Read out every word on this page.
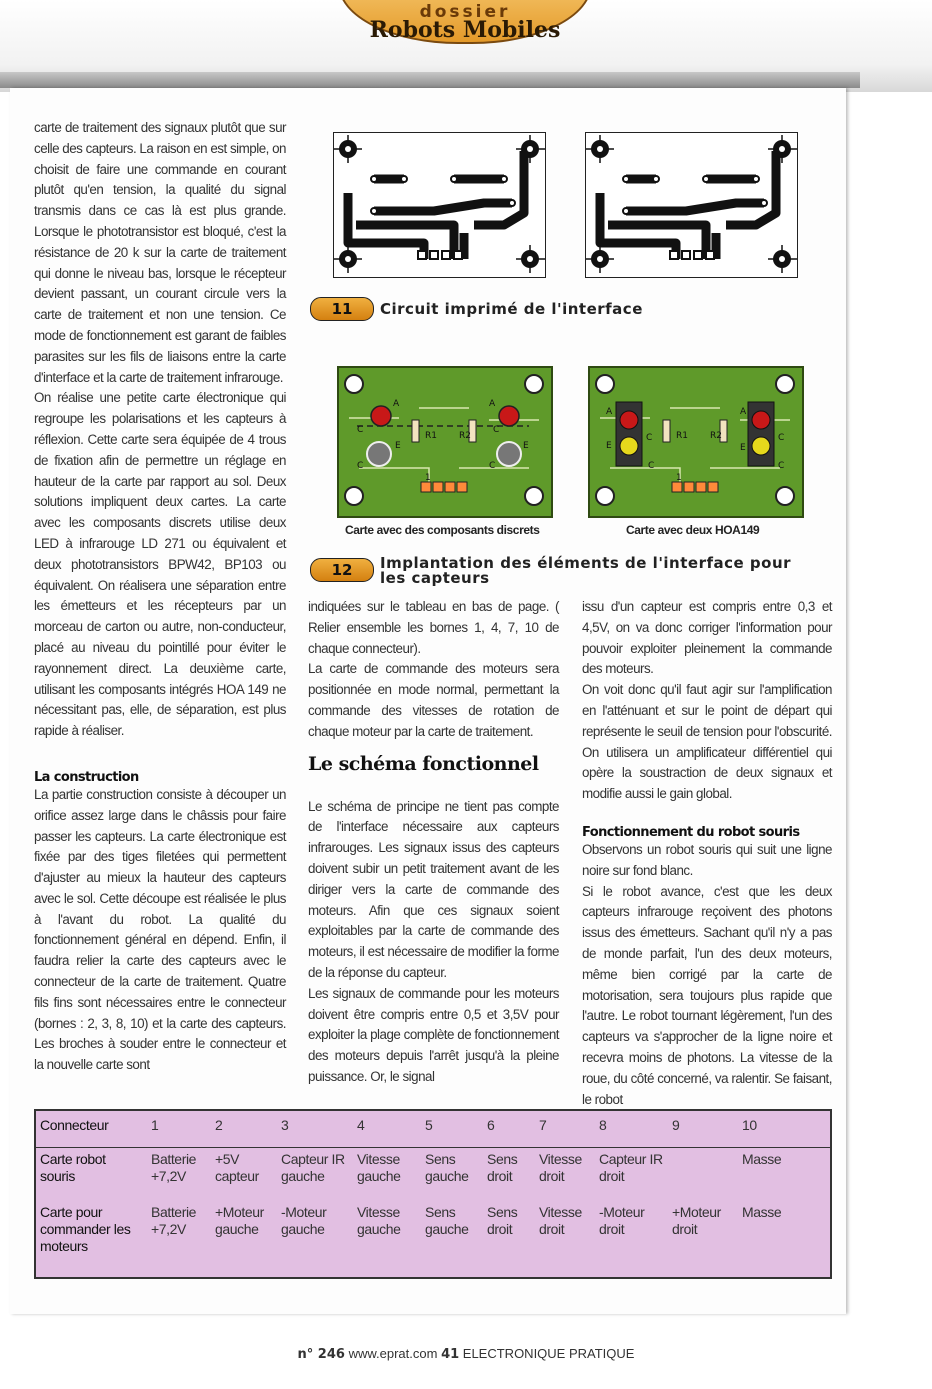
dossier
Robots Mobiles

carte de traitement des signaux plutôt que sur celle des capteurs. La raison en est simple, on choisit de faire une commande en courant plutôt qu'en tension, la qualité du signal transmis dans ce cas là est plus grande. Lorsque le phototransistor est bloqué, c'est la résistance de 20 k sur la carte de traitement qui donne le niveau bas, lorsque le récepteur devient passant, un courant circule vers la carte de traitement et non une tension. Ce mode de fonctionnement est garant de faibles parasites sur les fils de liaisons entre la carte d'interface et la carte de traitement infrarouge.

On réalise une petite carte électronique qui regroupe les polarisations et les capteurs à réflexion. Cette carte sera équipée de 4 trous de fixation afin de permettre un réglage en hauteur de la carte par rapport au sol. Deux solutions impliquent deux cartes. La carte avec les composants discrets utilise deux LED à infrarouge LD 271 ou équivalent et deux phototransistors BPW42, BP103 ou équivalent. On réalisera une séparation entre les émetteurs et les récepteurs par un morceau de carton ou autre, non-conducteur, placé au niveau du pointillé pour éviter le rayonnement direct. La deuxième carte, utilisant les composants intégrés HOA 149 ne nécessitant pas, elle, de séparation, est plus rapide à réaliser.

La construction

La partie construction consiste à découper un orifice assez large dans le châssis pour faire passer les capteurs. La carte électronique est fixée par des tiges filetées qui permettent d'ajuster au mieux la hauteur des capteurs avec le sol. Cette découpe est réalisée le plus à l'avant du robot. La qualité du fonctionnement général en dépend. Enfin, il faudra relier la carte des capteurs avec le connecteur de la carte de traitement. Quatre fils fins sont nécessaires entre le connecteur (bornes : 2, 3, 8, 10) et la carte des capteurs. Les broches à souder entre le connecteur et la nouvelle carte sont

indiquées sur le tableau en bas de page. ( Relier ensemble les bornes 1, 4, 7, 10 de chaque connecteur).

La carte de commande des moteurs sera positionnée en mode normal, permettant la commande des vitesses de rotation de chaque moteur par la carte de traitement.

Le schéma fonctionnel

Le schéma de principe ne tient pas compte de l'interface nécessaire aux capteurs infrarouges. Les signaux issus des capteurs doivent subir un petit traitement avant de les diriger vers la carte de commande des moteurs. Afin que ces signaux soient exploitables par la carte de commande des moteurs, il est nécessaire de modifier la forme de la réponse du capteur.

Les signaux de commande pour les moteurs doivent être compris entre 0,5 et 3,5V pour exploiter la plage complète de fonctionnement des moteurs depuis l'arrêt jusqu'à la pleine puissance. Or, le signal

issu d'un capteur est compris entre 0,3 et 4,5V, on va donc corriger l'information pour pouvoir exploiter pleinement la commande des moteurs.

On voit donc qu'il faut agir sur l'amplification en l'atténuant et sur le point de départ qui représente le seuil de tension pour l'obscurité. On utilisera un amplificateur différentiel qui opère la soustraction de deux signaux et modifie aussi le gain global.

Fonctionnement du robot souris

Observons un robot souris qui suit une ligne noire sur fond blanc.

Si le robot avance, c'est que les deux capteurs infrarouge reçoivent des photons issus des émetteurs. Sachant qu'il n'y a pas de monde parfait, l'un des deux moteurs, même bien corrigé par la carte de motorisation, sera toujours plus rapide que l'autre. Le robot tournant légèrement, l'un des capteurs va s'approcher de la ligne noire et recevra moins de photons. La vitesse de la roue, du côté concerné, va ralentir. Se faisant, le robot

11	Circuit imprimé de l'interface
A	A
C	C
E	E
C	C
R1 R2
1
A	A
E	E
C	C
C	C
R1 R2
1
Carte avec des composants discrets	Carte avec deux HOA149
12	Implantation des éléments de l'interface pour les capteurs
Connecteur	1	2	3	4	5	6	7	8	9	10
Carte robot souris	Batterie +7,2V	+5V capteur	Capteur IR gauche	Vitesse gauche	Sens gauche	Sens droit	Vitesse droit	Capteur IR droit		Masse
Carte pour commander les moteurs	Batterie +7,2V	+Moteur gauche	-Moteur gauche	Vitesse gauche	Sens gauche	Sens droit	Vitesse droit	-Moteur droit	+Moteur droit	Masse
n° 246 www.eprat.com 41 ELECTRONIQUE PRATIQUE
